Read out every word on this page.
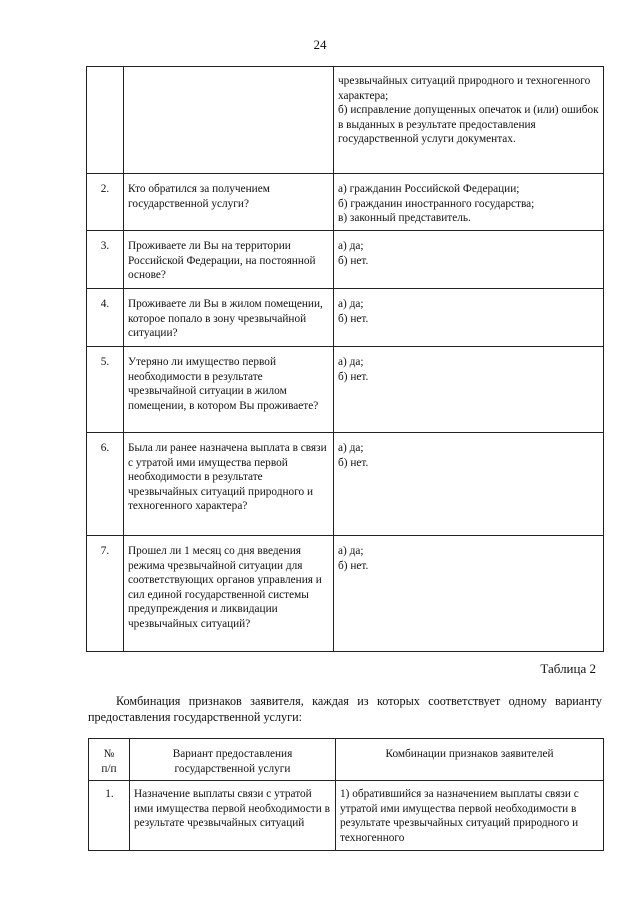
24
		чрезвычайных ситуаций природного и техногенного характера;
б) исправление допущенных опечаток и (или) ошибок в выданных в результате предоставления государственной услуги документах.
2.	Кто обратился за получением государственной услуги?	а) гражданин Российской Федерации;
б) гражданин иностранного государства;
в) законный представитель.
3.	Проживаете ли Вы на территории Российской Федерации, на постоянной основе?	а) да;
б) нет.
4.	Проживаете ли Вы в жилом помещении, которое попало в зону чрезвычайной ситуации?	а) да;
б) нет.
5.	Утеряно ли имущество первой необходимости в результате чрезвычайной ситуации в жилом помещении, в котором Вы проживаете?	а) да;
б) нет.
6.	Была ли ранее назначена выплата в связи с утратой ими имущества первой необходимости в результате чрезвычайных ситуаций природного и техногенного характера?	а) да;
б) нет.
7.	Прошел ли 1 месяц со дня введения режима чрезвычайной ситуации для соответствующих органов управления и сил единой государственной системы предупреждения и ликвидации чрезвычайных ситуаций?	а) да;
б) нет.
Таблица 2
Комбинация признаков заявителя, каждая из которых соответствует одному варианту предоставления государственной услуги:
№
п/п	Вариант предоставления государственной услуги	Комбинации признаков заявителей
1.	Назначение выплаты связи с утратой ими имущества первой необходимости в результате чрезвычайных ситуаций	1) обратившийся за назначением выплаты связи с утратой ими имущества первой необходимости в результате чрезвычайных ситуаций природного и техногенного
